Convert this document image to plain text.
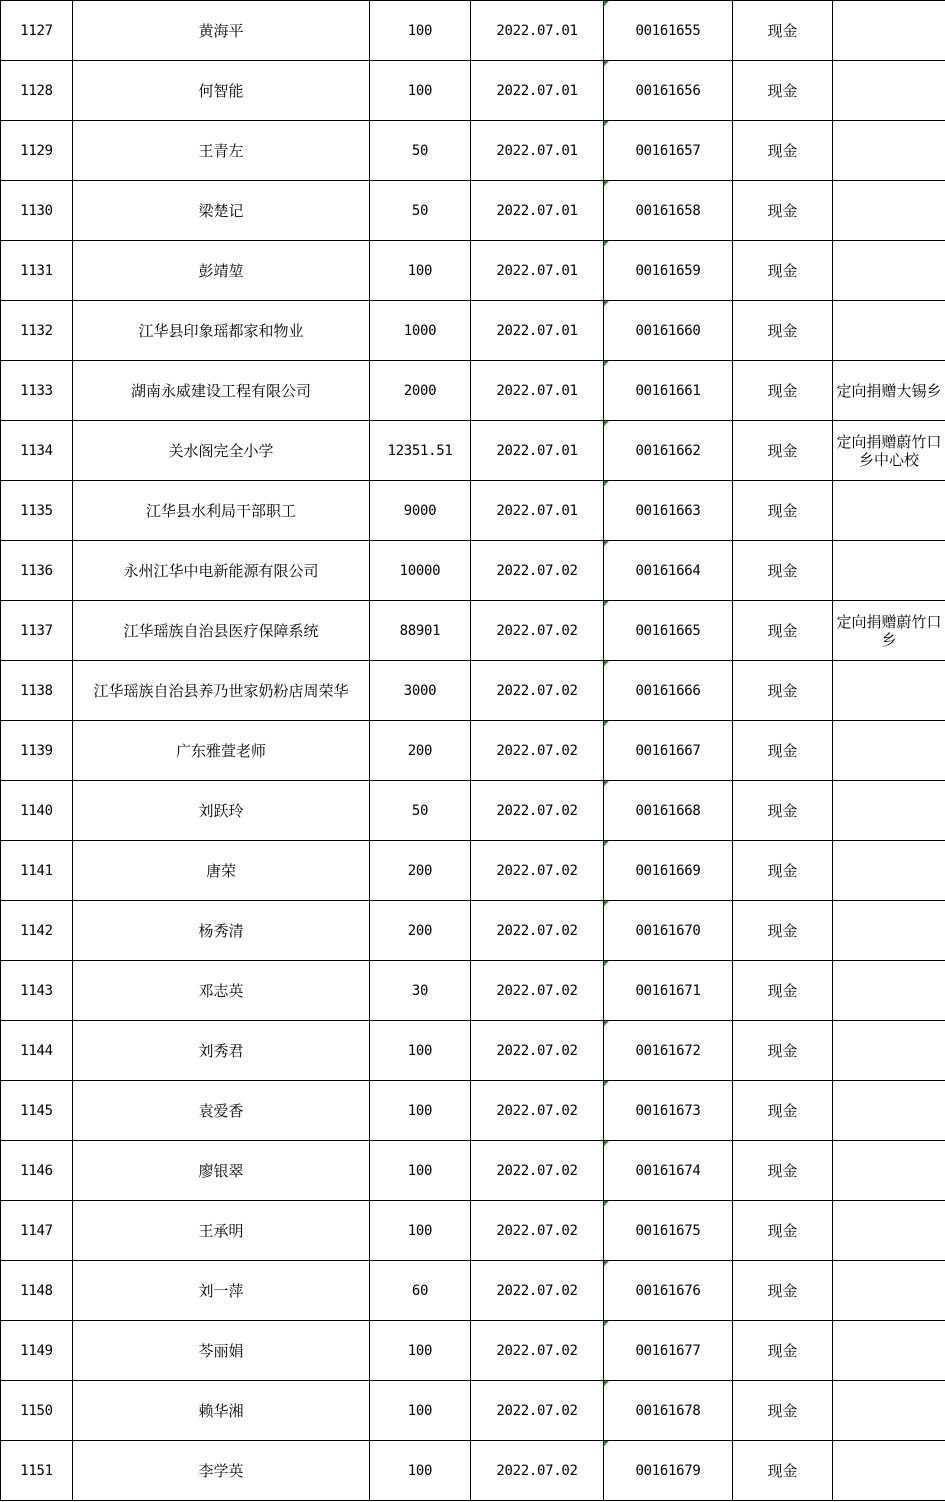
1127	黄海平	100	2022.07.01	00161655	现金	
1128	何智能	100	2022.07.01	00161656	现金	
1129	王青左	50	2022.07.01	00161657	现金	
1130	梁楚记	50	2022.07.01	00161658	现金	
1131	彭靖堃	100	2022.07.01	00161659	现金	
1132	江华县印象瑶都家和物业	1000	2022.07.01	00161660	现金	
1133	湖南永威建设工程有限公司	2000	2022.07.01	00161661	现金	定向捐赠大锡乡
1134	关水阁完全小学	12351.51	2022.07.01	00161662	现金	定向捐赠蔚竹口乡中心校
1135	江华县水利局干部职工	9000	2022.07.01	00161663	现金	
1136	永州江华中电新能源有限公司	10000	2022.07.02	00161664	现金	
1137	江华瑶族自治县医疗保障系统	88901	2022.07.02	00161665	现金	定向捐赠蔚竹口乡
1138	江华瑶族自治县养乃世家奶粉店周荣华	3000	2022.07.02	00161666	现金	
1139	广东雅萱老师	200	2022.07.02	00161667	现金	
1140	刘跃玲	50	2022.07.02	00161668	现金	
1141	唐荣	200	2022.07.02	00161669	现金	
1142	杨秀清	200	2022.07.02	00161670	现金	
1143	邓志英	30	2022.07.02	00161671	现金	
1144	刘秀君	100	2022.07.02	00161672	现金	
1145	袁爱香	100	2022.07.02	00161673	现金	
1146	廖银翠	100	2022.07.02	00161674	现金	
1147	王承明	100	2022.07.02	00161675	现金	
1148	刘一萍	60	2022.07.02	00161676	现金	
1149	芩丽娟	100	2022.07.02	00161677	现金	
1150	赖华湘	100	2022.07.02	00161678	现金	
1151	李学英	100	2022.07.02	00161679	现金	
